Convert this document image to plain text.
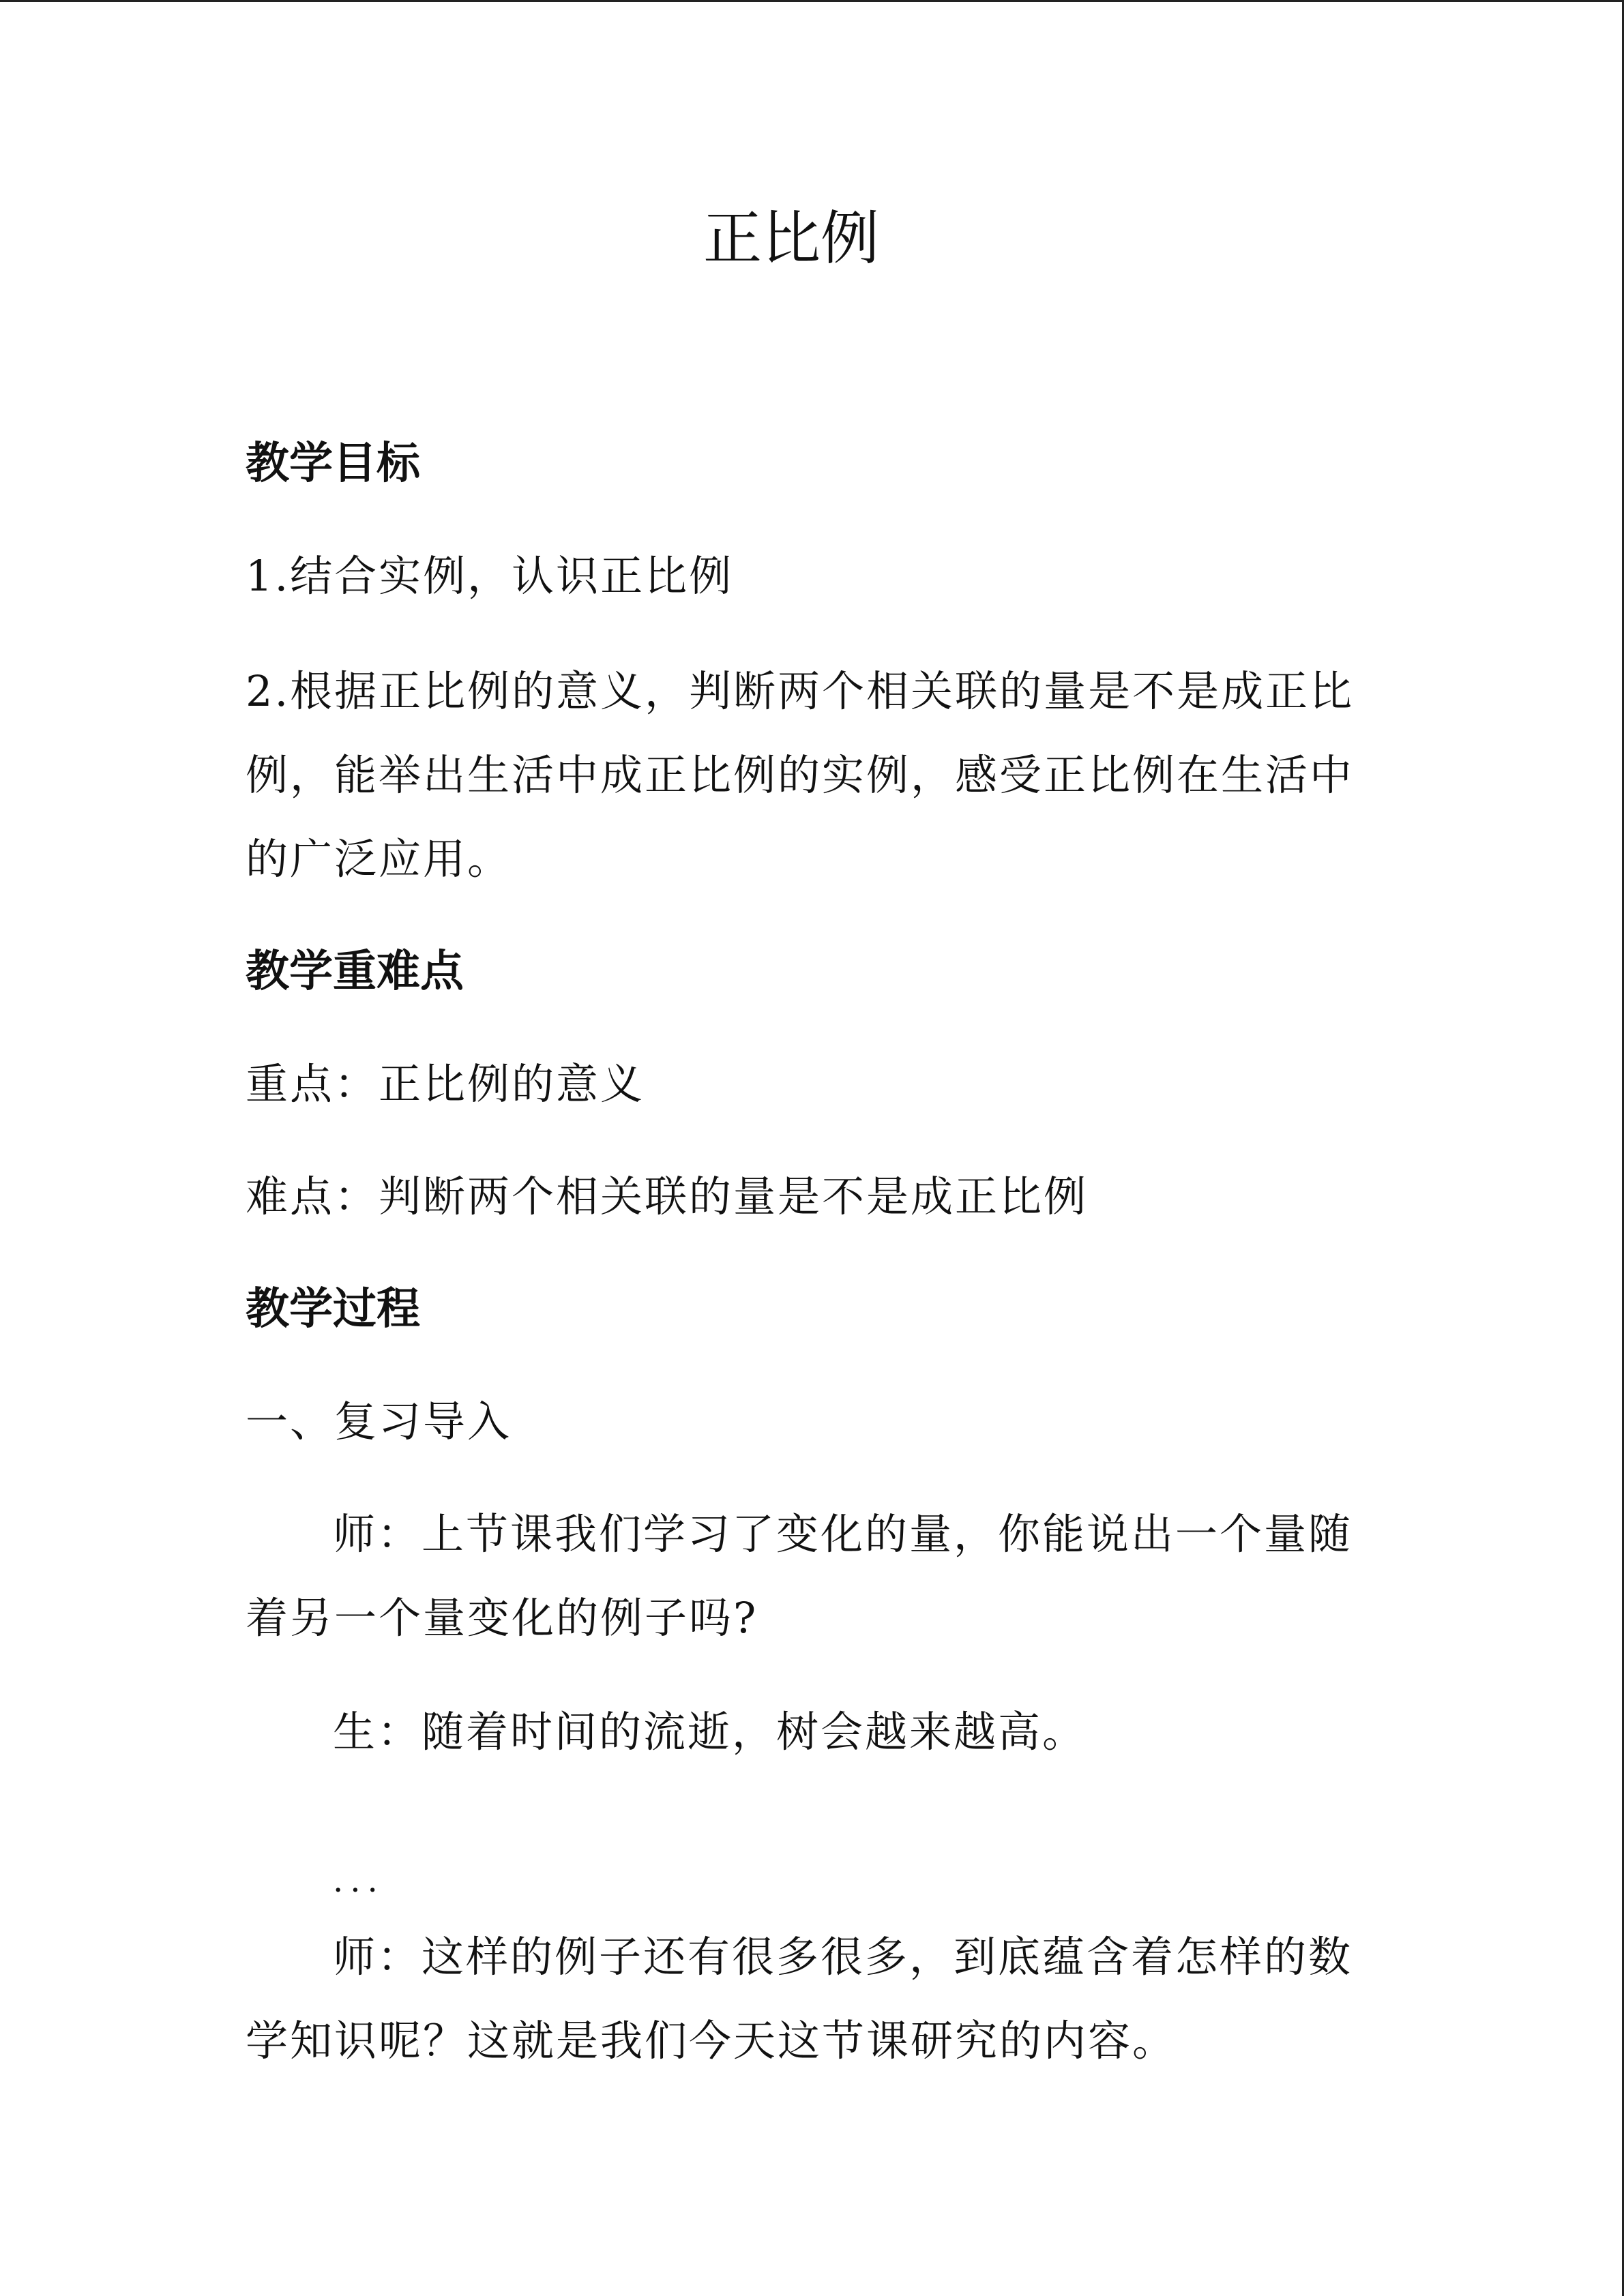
正比例
教学目标

1.结合实例，认识正比例

2.根据正比例的意义，判断两个相关联的量是不是成正比

例，能举出生活中成正比例的实例，感受正比例在生活中

的广泛应用。

教学重难点

重点：正比例的意义

难点：判断两个相关联的量是不是成正比例

教学过程

一、复习导入

师：上节课我们学习了变化的量，你能说出一个量随

着另一个量变化的例子吗?

生：随着时间的流逝，树会越来越高。

...

师：这样的例子还有很多很多，到底蕴含着怎样的数

学知识呢？这就是我们今天这节课研究的内容。
